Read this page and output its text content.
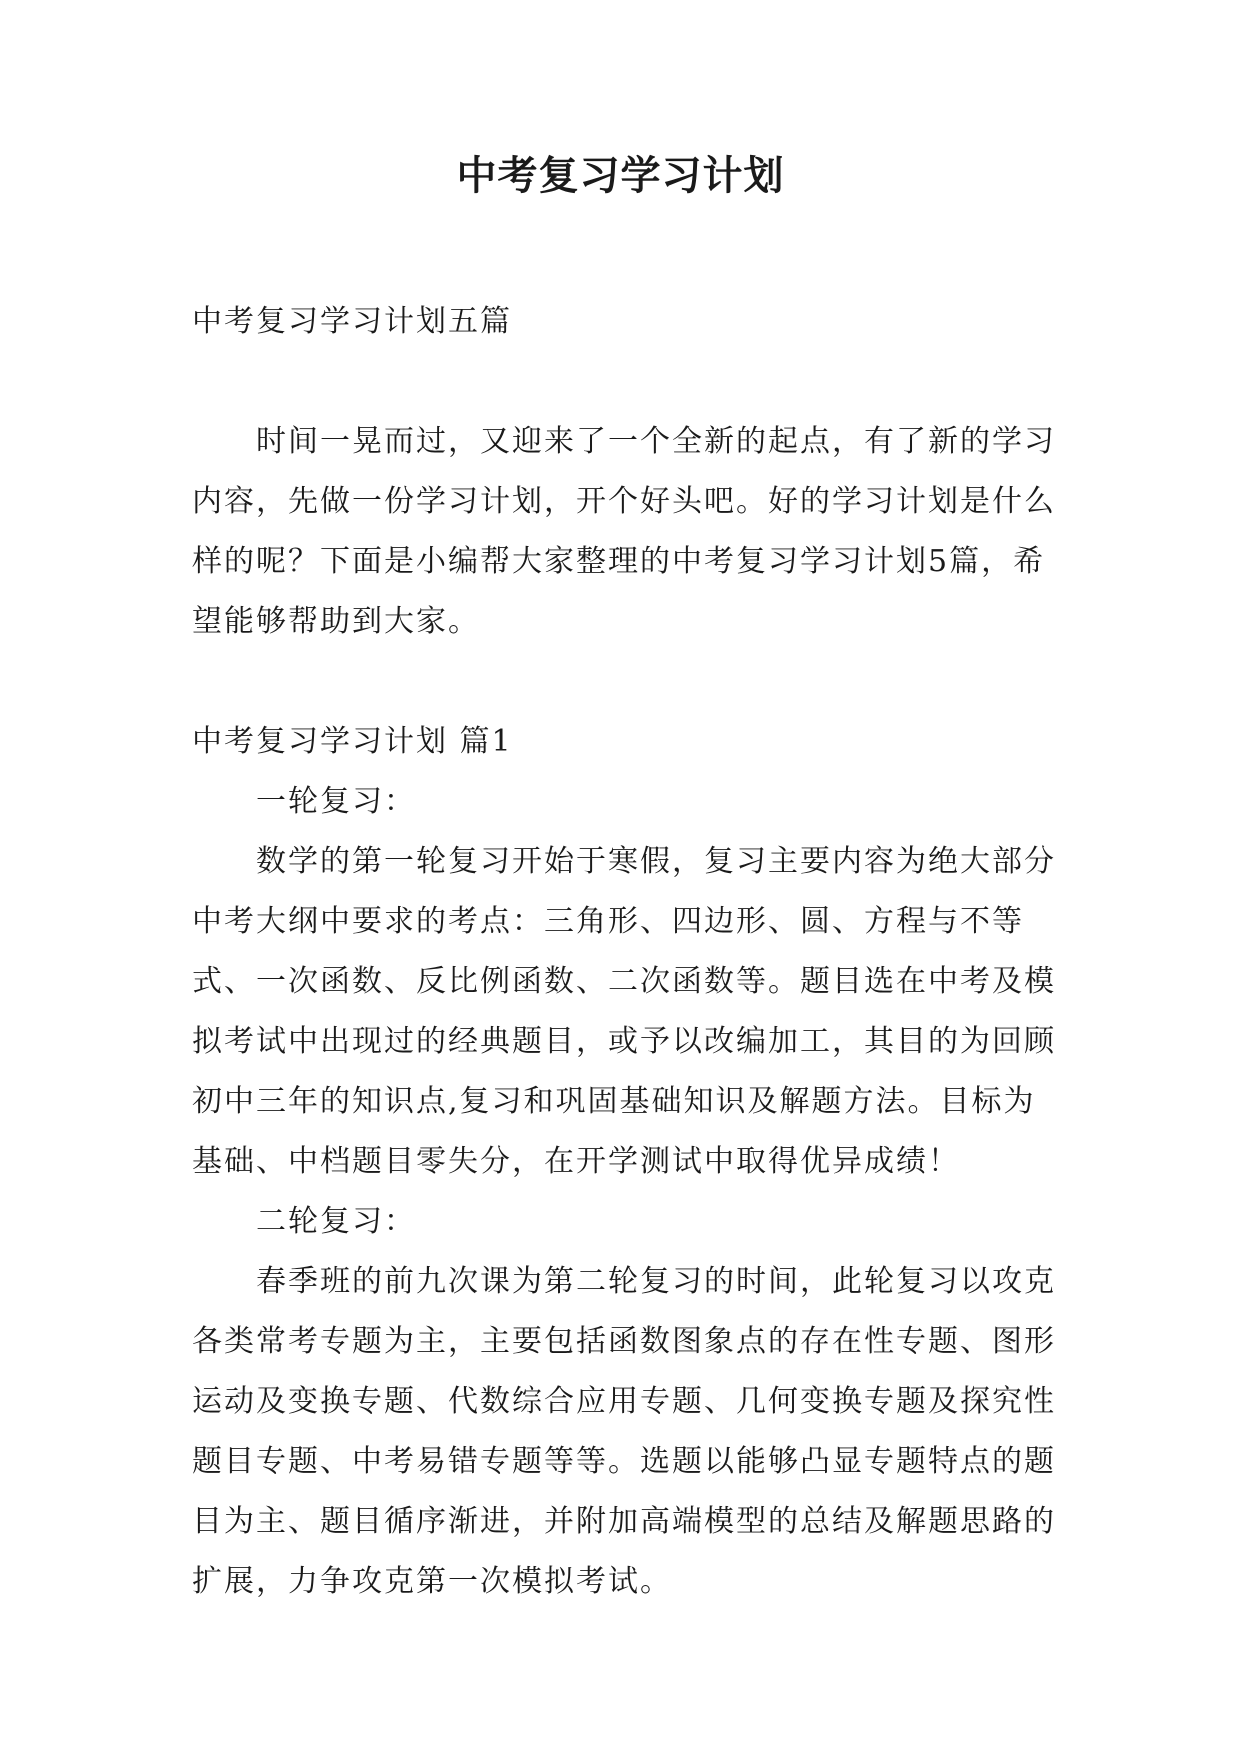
中考复习学习计划

中考复习学习计划五篇

时间一晃而过，又迎来了一个全新的起点，有了新的学习内容，先做一份学习计划，开个好头吧。好的学习计划是什么样的呢？下面是小编帮大家整理的中考复习学习计划5篇，希望能够帮助到大家。

中考复习学习计划 篇1

一轮复习：

数学的第一轮复习开始于寒假，复习主要内容为绝大部分中考大纲中要求的考点：三角形、四边形、圆、方程与不等式、一次函数、反比例函数、二次函数等。题目选在中考及模拟考试中出现过的经典题目，或予以改编加工，其目的为回顾初中三年的知识点,复习和巩固基础知识及解题方法。目标为基础、中档题目零失分，在开学测试中取得优异成绩！

二轮复习：

春季班的前九次课为第二轮复习的时间，此轮复习以攻克各类常考专题为主，主要包括函数图象点的存在性专题、图形运动及变换专题、代数综合应用专题、几何变换专题及探究性题目专题、中考易错专题等等。选题以能够凸显专题特点的题目为主、题目循序渐进，并附加高端模型的总结及解题思路的扩展，力争攻克第一次模拟考试。
